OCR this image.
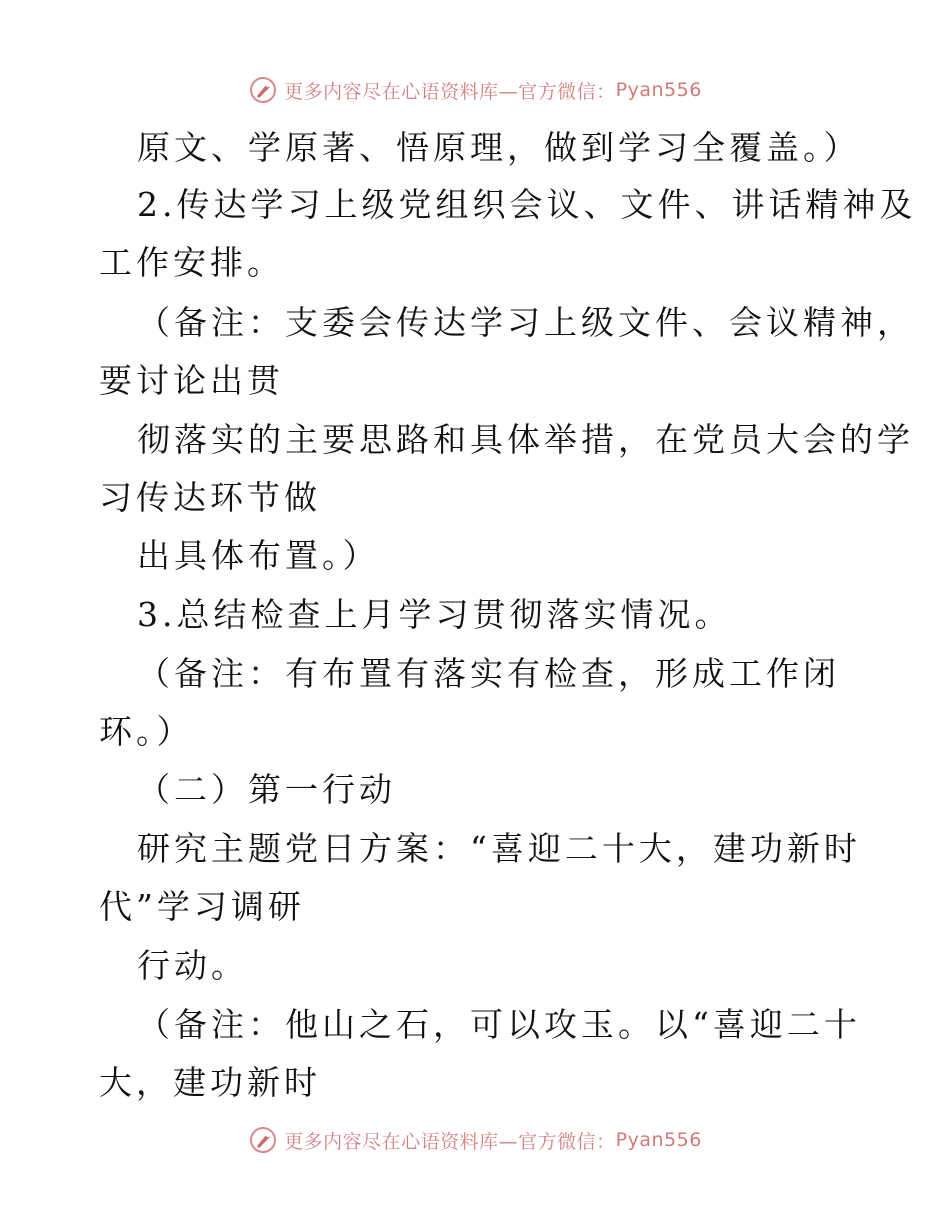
更多内容尽在心语资料库—官方微信： Pyan556
原文、学原著、悟原理，做到学习全覆盖。）
2.传达学习上级党组织会议、文件、讲话精神及
工作安排。
（备注：支委会传达学习上级文件、会议精神，
要讨论出贯
彻落实的主要思路和具体举措，在党员大会的学
习传达环节做
出具体布置。）
3.总结检查上月学习贯彻落实情况。
（备注：有布置有落实有检查，形成工作闭
环。）
（二）第一行动
研究主题党日方案：“喜迎二十大，建功新时
代”学习调研
行动。
（备注：他山之石，可以攻玉。以“喜迎二十
大，建功新时
更多内容尽在心语资料库—官方微信： Pyan556
